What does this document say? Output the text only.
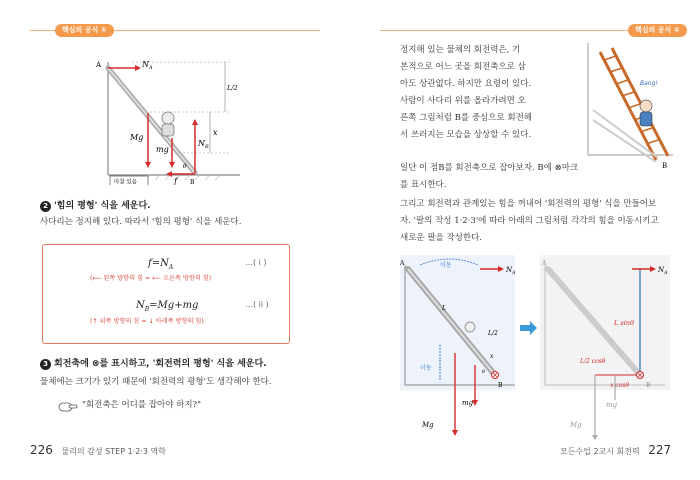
핵심의 공식 ①
A	$N_A$
L/2
Mg
mg
x
$N_B$
θ
f	B
마찰 있음
2 '힘의 평형' 식을 세운다.
사다리는 정지해 있다. 따라서 '힘의 평형' 식을 세운다.
$f=N_A$
…( i )
(⟵ 왼쪽 방향의 힘 = ⟵ 오른쪽 방향의 힘)
$N_B=Mg+mg$	…( ii )
(↑ 위쪽 방향의 힘 = ↓ 아래쪽 방향의 힘)
3 회전축에 ⊗를 표시하고, '회전력의 평형' 식을 세운다.
물체에는 크기가 있기 때문에 '회전력의 평형'도 생각해야 한다.
"회전축은 어디를 잡아야 하지?"
226 물리의 감성 STEP 1·2·3 역학
핵심의 공식 ①
정지해 있는 물체의 회전력은, 기
본적으로 어느 곳을 회전축으로 삼
아도 상관없다. 하지만 요령이 있다.
사람이 사다리 위를 올라가려면 오
른쪽 그림처럼 B를 중심으로 회전해
서 쓰러지는 모습을 상상할 수 있다.
Bang!
B
일단 이 점B를 회전축으로 잡아보자. B에 ⊗마크를 표시한다.
그리고 회전력과 관계있는 힘을 꺼내어 '회전력의 평형' 식을 만들어보
자. '팔의 작성 1·2·3'에 따라 아래의 그림처럼 각각의 힘을 이동시키고
새로운 팔을 작성한다.
A	이동
$N_A$
L
L/2
x
θ
이동
B
mg
Mg
A
$N_A$
L sinθ
L/2 cosθ
x cosθ	B
mg
Mg
모든수업 2교시 회전력 227
